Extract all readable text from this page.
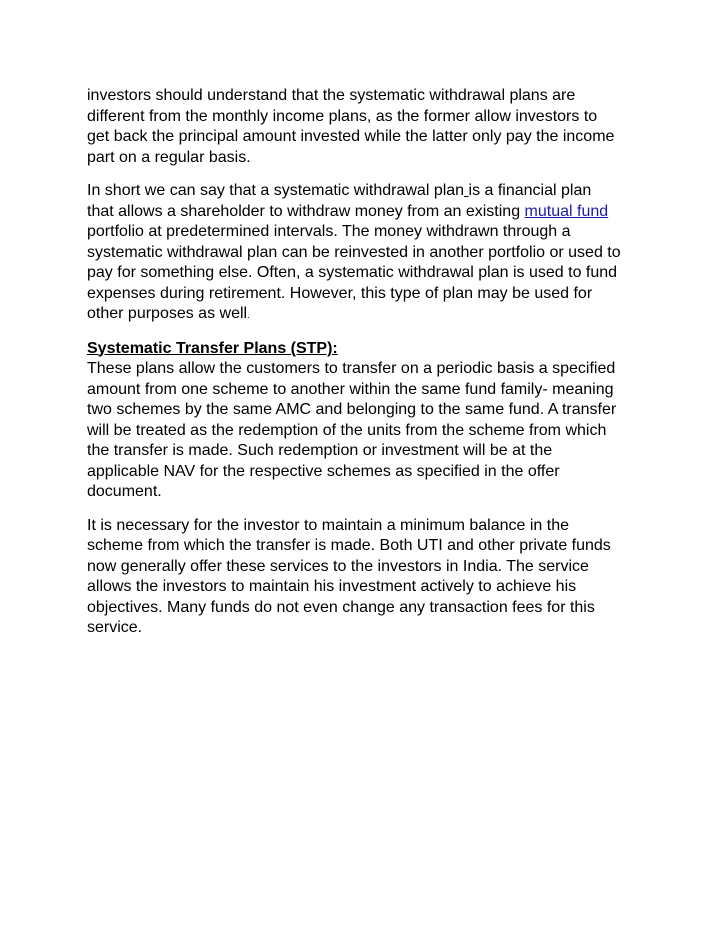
investors should understand that the systematic withdrawal plans are
different from the monthly income plans, as the former allow investors to
get back the principal amount invested while the latter only pay the income
part on a regular basis.

In short we can say that a systematic withdrawal plan is a financial plan
that allows a shareholder to withdraw money from an existing mutual fund
portfolio at predetermined intervals. The money withdrawn through a
systematic withdrawal plan can be reinvested in another portfolio or used to
pay for something else. Often, a systematic withdrawal plan is used to fund
expenses during retirement. However, this type of plan may be used for
other purposes as well.

Systematic Transfer Plans (STP):

These plans allow the customers to transfer on a periodic basis a specified
amount from one scheme to another within the same fund family- meaning
two schemes by the same AMC and belonging to the same fund. A transfer
will be treated as the redemption of the units from the scheme from which
the transfer is made. Such redemption or investment will be at the
applicable NAV for the respective schemes as specified in the offer
document.

It is necessary for the investor to maintain a minimum balance in the
scheme from which the transfer is made. Both UTI and other private funds
now generally offer these services to the investors in India. The service
allows the investors to maintain his investment actively to achieve his
objectives. Many funds do not even change any transaction fees for this
service.
